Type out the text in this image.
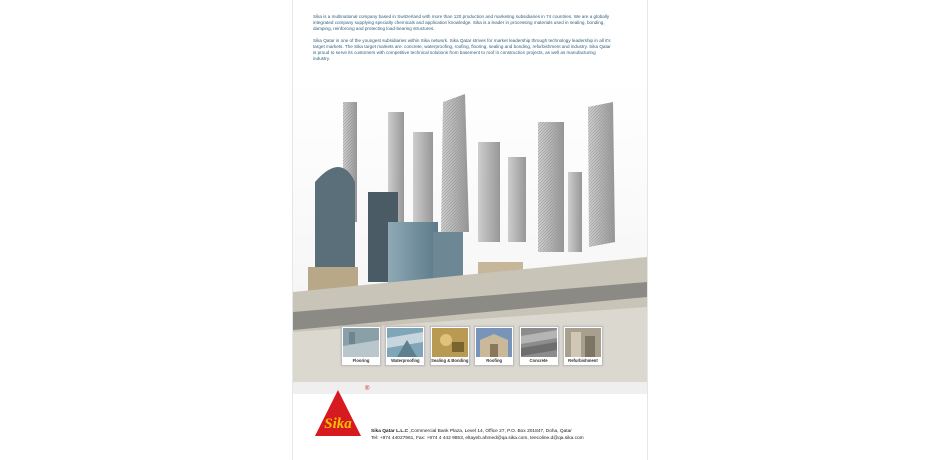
Sika is a multinational company based in Switzerland with more than 120 production and marketing subsidiaries in 74 countries. We are a globally integrated company supplying specialty chemicals and application knowledge. Sika is a leader in processing materials used in sealing, bonding, damping, reinforcing and protecting load-bearing structures.

Sika Qatar is one of the youngest subsidiaries within Sika network. Sika Qatar strives for market leadership through technology leadership in all it's target markets. The Sika target markets are: concrete, waterproofing, roofing, flooring, sealing and bonding, refurbishment and industry. Sika Qatar is proud to serve its customers with competitive technical solutions from basement to roof in construction projects, as well as manufacturing industry.

Flooring	Waterproofing	Sealing & Bonding	Roofing	Concrete	Refurbishment
Sika
®
Sika Qatar L.L.C ,Commercial Bank Plaza, Level 14, Office 27, P.O. Box 201847, Doha, Qatar
Tel: +974 44027961, Fax: +974 4 442 9853, eltayeb.ahmed@qa.sika.com, teecoline.d@qa.sika.com
